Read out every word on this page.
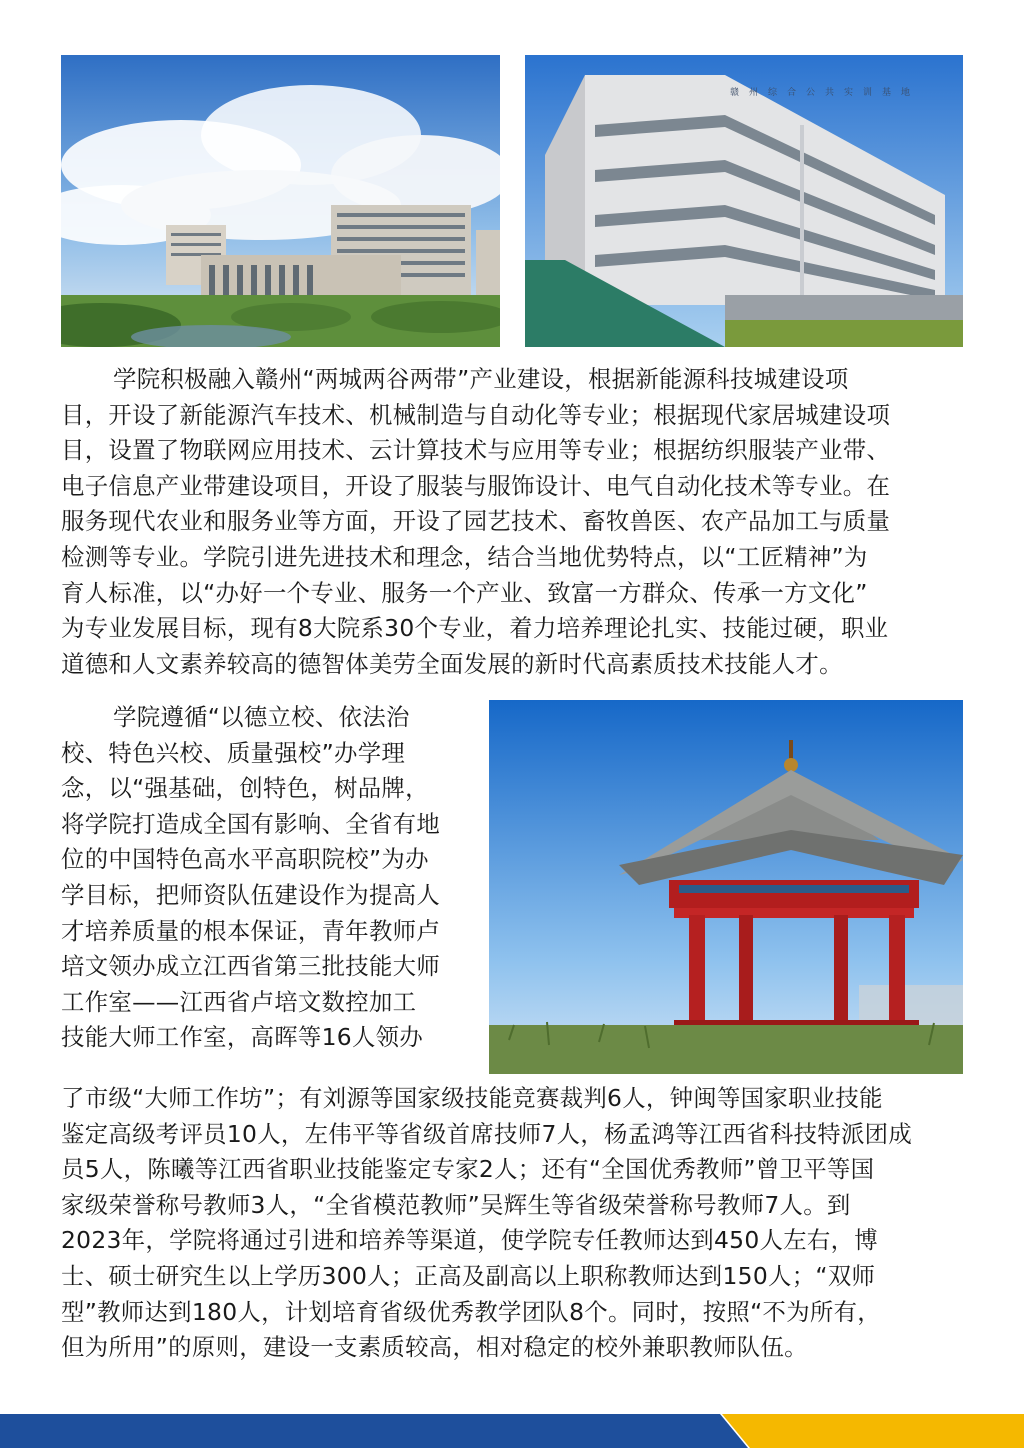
赣州综合公共实训基地
学院积极融入赣州“两城两谷两带”产业建设，根据新能源科技城建设项
目，开设了新能源汽车技术、机械制造与自动化等专业；根据现代家居城建设项
目，设置了物联网应用技术、云计算技术与应用等专业；根据纺织服装产业带、
电子信息产业带建设项目，开设了服装与服饰设计、电气自动化技术等专业。在
服务现代农业和服务业等方面，开设了园艺技术、畜牧兽医、农产品加工与质量
检测等专业。学院引进先进技术和理念，结合当地优势特点，以“工匠精神”为
育人标准，以“办好一个专业、服务一个产业、致富一方群众、传承一方文化”
为专业发展目标，现有8大院系30个专业，着力培养理论扎实、技能过硬，职业
道德和人文素养较高的德智体美劳全面发展的新时代高素质技术技能人才。
学院遵循“以德立校、依法治
校、特色兴校、质量强校”办学理
念，以“强基础，创特色，树品牌，
将学院打造成全国有影响、全省有地
位的中国特色高水平高职院校”为办
学目标，把师资队伍建设作为提高人
才培养质量的根本保证，青年教师卢
培文领办成立江西省第三批技能大师
工作室——江西省卢培文数控加工
技能大师工作室，高晖等16人领办
了市级“大师工作坊”；有刘源等国家级技能竞赛裁判6人，钟闽等国家职业技能
鉴定高级考评员10人，左伟平等省级首席技师7人，杨孟鸿等江西省科技特派团成
员5人，陈曦等江西省职业技能鉴定专家2人；还有“全国优秀教师”曾卫平等国
家级荣誉称号教师3人，“全省模范教师”吴辉生等省级荣誉称号教师7人。到
2023年，学院将通过引进和培养等渠道，使学院专任教师达到450人左右，博
士、硕士研究生以上学历300人；正高及副高以上职称教师达到150人；“双师
型”教师达到180人，计划培育省级优秀教学团队8个。同时，按照“不为所有，
但为所用”的原则，建设一支素质较高，相对稳定的校外兼职教师队伍。
